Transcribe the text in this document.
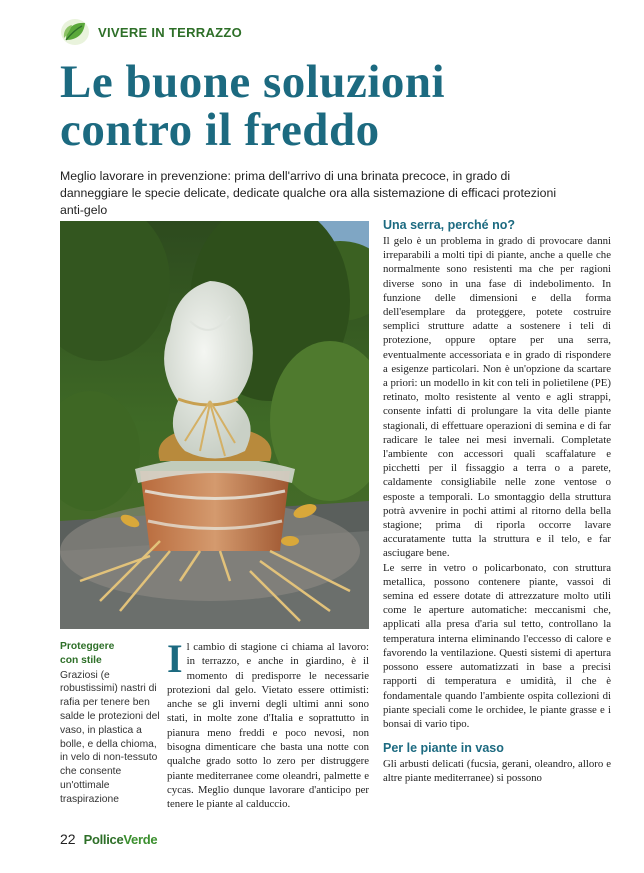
VIVERE IN TERRAZZO
Le buone soluzioni
contro il freddo
Meglio lavorare in prevenzione: prima dell'arrivo di una brinata precoce, in grado di danneggiare le specie delicate, dedicate qualche ora alla sistemazione di efficaci protezioni anti-gelo
Proteggere
con stile
Graziosi (e robustissimi) nastri di rafia per tenere ben salde le protezioni del vaso, in plastica a bolle, e della chioma, in velo di non-tessuto che consente un'ottimale traspirazione
I l cambio di stagione ci chiama al lavoro: in terrazzo, e anche in giardino, è il momento di predisporre le necessarie protezioni dal gelo. Vietato essere ottimisti: anche se gli inverni degli ultimi anni sono stati, in molte zone d'Italia e soprattutto in pianura meno freddi e poco nevosi, non bisogna dimenticare che basta una notte con qualche grado sotto lo zero per distruggere piante mediterranee come oleandri, palmette e cycas. Meglio dunque lavorare d'anticipo per tenere le piante al calduccio.
Una serra, perché no?

Il gelo è un problema in grado di provocare danni irreparabili a molti tipi di piante, anche a quelle che normalmente sono resistenti ma che per ragioni diverse sono in una fase di indebolimento. In funzione delle dimensioni e della forma dell'esemplare da proteggere, potete costruire semplici strutture adatte a sostenere i teli di protezione, oppure optare per una serra, eventualmente accessoriata e in grado di rispondere a esigenze particolari. Non è un'opzione da scartare a priori: un modello in kit con teli in polietilene (PE) retinato, molto resistente al vento e agli strappi, consente infatti di prolungare la vita delle piante stagionali, di effettuare operazioni di semina e di far radicare le talee nei mesi invernali. Completate l'ambiente con accessori quali scaffalature e picchetti per il fissaggio a terra o a parete, caldamente consigliabile nelle zone ventose o esposte a temporali. Lo smontaggio della struttura potrà avvenire in pochi attimi al ritorno della bella stagione; prima di riporla occorre lavare accuratamente tutta la struttura e il telo, e far asciugare bene.

Le serre in vetro o policarbonato, con struttura metallica, possono contenere piante, vassoi di semina ed essere dotate di attrezzature molto utili come le aperture automatiche: meccanismi che, applicati alla presa d'aria sul tetto, controllano la temperatura interna eliminando l'eccesso di calore e favorendo la ventilazione. Questi sistemi di apertura possono essere automatizzati in base a precisi rapporti di temperatura e umidità, il che è fondamentale quando l'ambiente ospita collezioni di piante speciali come le orchidee, le piante grasse e i bonsai di vario tipo.

Per le piante in vaso

Gli arbusti delicati (fucsia, gerani, oleandro, alloro e altre piante mediterranee) si possono

22 PolliceVerde
